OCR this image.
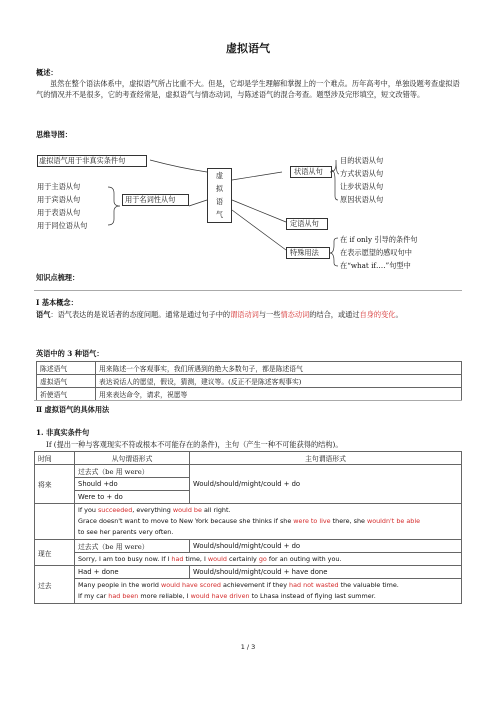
虚拟语气
概述：
虽然在整个语法体系中，虚拟语气所占比重不大。但是，它却是学生理解和掌握上的一个难点。历年高考中，单独设题考查虚拟语气的情况并不是很多，它的考查经常是，虚拟语气与情态动词，与陈述语气的混合考查。题型涉及完形填空，短文改错等。
思维导图：
虚拟语气用于非真实条件句
用于主语从句
用于宾语从句
用于表语从句
用于同位语从句
用于名词性从句
虚
拟
语
气
状语从句
目的状语从句
方式状语从句
让步状语从句
原因状语从句
定语从句
特殊用法
在 if only 引导的条件句
在表示愿望的感叹句中
在“what if….”句型中
知识点梳理：
Ⅰ 基本概念：
语气：语气表达的是说话者的态度问题。通常是通过句子中的谓语动词与一些情态动词的结合，或通过自身的变化。
英语中的 3 种语气：
陈述语气	用来陈述一个客观事实，我们所遇到的绝大多数句子，都是陈述语气
虚拟语气	表达说话人的愿望，假设，猜测，建议等。(反正不是陈述客观事实)
祈使语气	用来表达命令，请求，祝愿等
Ⅱ 虚拟语气的具体用法
1. 非真实条件句
If (提出一种与客观现实不符或根本不可能存在的条件)，主句（产生一种不可能获得的结构)。
时间	从句谓语形式	主句谓语形式
将来	过去式（be 用 were）	Would/should/might/could + do
	Should +do	
	Were to + do	

	If you succeeded, everything would be all right.
Grace doesn't want to move to New York because she thinks if she were to live there, she wouldn't be able
to see her parents very often.	

现在	过去式（be 用 were）	Would/should/might/could + do
	Sorry, I am too busy now. If I had time, I would certainly go for an outing with you.	
过去	Had + done	Would/should/might/could + have done

	Many people in the world would have scored achievement if they had not wasted the valuable time.
If my car had been more reliable, I would have driven to Lhasa instead of flying last summer.	
1 / 3
